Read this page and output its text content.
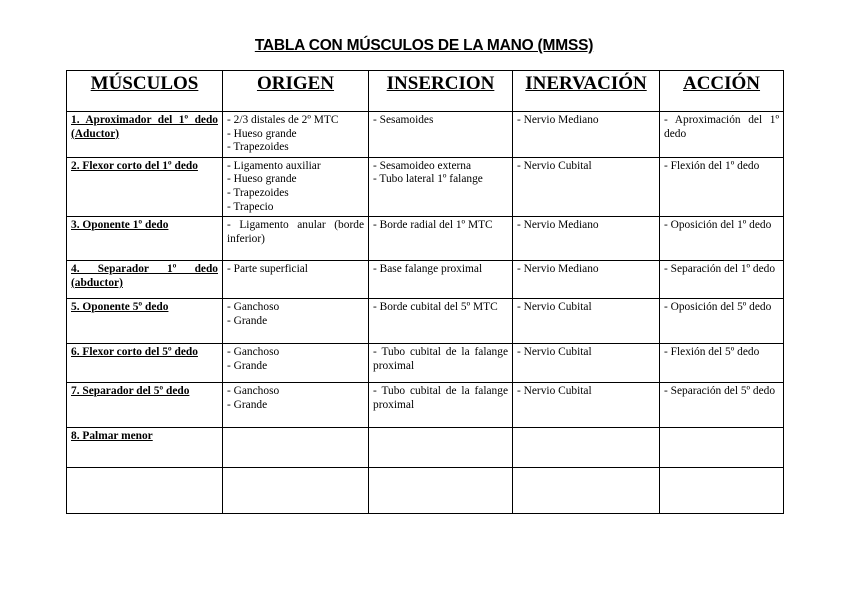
TABLA CON MÚSCULOS DE LA MANO (MMSS)
MÚSCULOS	ORIGEN	INSERCION	INERVACIÓN	ACCIÓN
1. Aproximador del 1º dedo (Aductor)	- 2/3 distales de 2º MTC
- Hueso grande
- Trapezoides	- Sesamoides	- Nervio Mediano	- Aproximación del 1º dedo
2. Flexor corto del 1º dedo	- Ligamento auxiliar
- Hueso grande
- Trapezoides
- Trapecio	- Sesamoideo externa
- Tubo lateral 1º falange	- Nervio Cubital	- Flexión del 1º dedo
3. Oponente 1º dedo	- Ligamento anular (borde inferior)	- Borde radial del 1º MTC	- Nervio Mediano	- Oposición del 1º dedo
4. Separador 1º dedo (abductor)	- Parte superficial	- Base falange proximal	- Nervio Mediano	- Separación del 1º dedo
5. Oponente 5º dedo	- Ganchoso
- Grande	- Borde cubital del 5º MTC	- Nervio Cubital	- Oposición del 5º dedo
6. Flexor corto del 5º dedo	- Ganchoso
- Grande	- Tubo cubital de la falange proximal	- Nervio Cubital	- Flexión del 5º dedo
7. Separador del 5º dedo	- Ganchoso
- Grande	- Tubo cubital de la falange proximal	- Nervio Cubital	- Separación del 5º dedo
8. Palmar menor				
